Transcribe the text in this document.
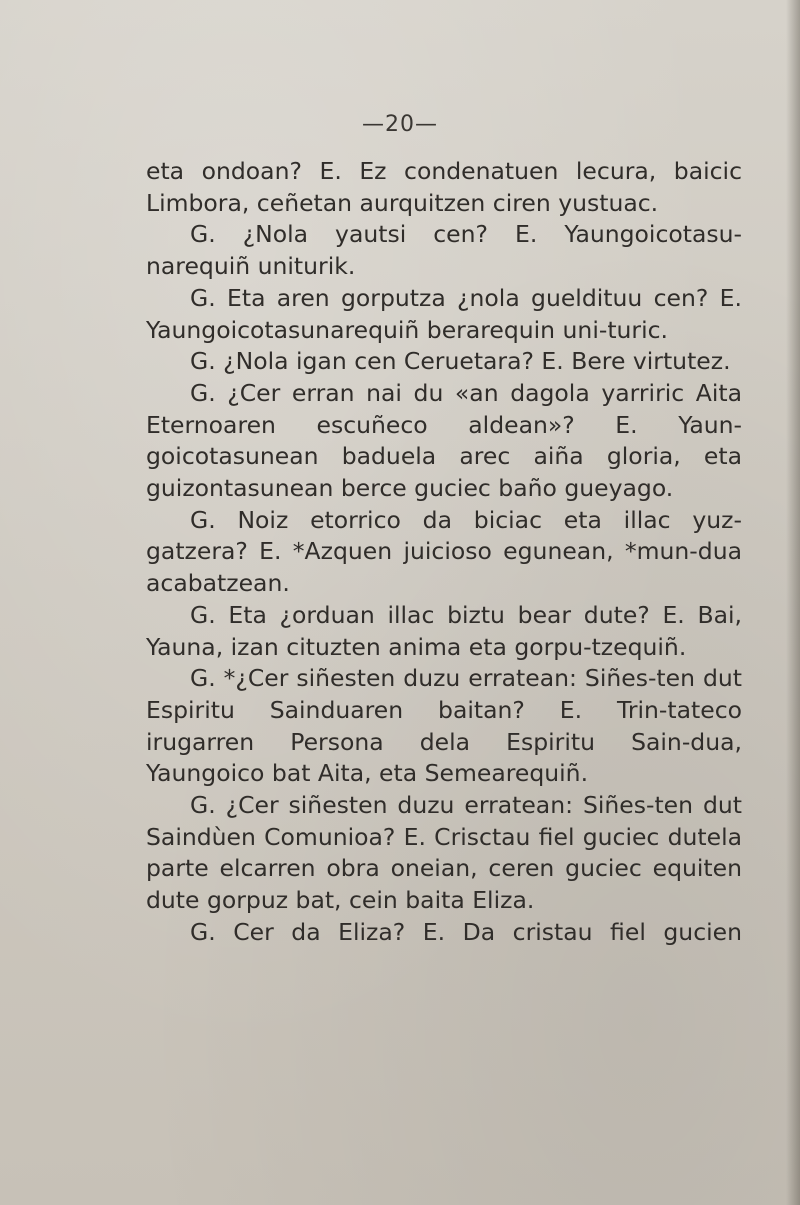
—20—

eta ondoan? E. Ez condenatuen lecura, baicic Limbora, ceñetan aurquitzen ciren yustuac.

G. ¿Nola yautsi cen? E. Yaungoicotasu-narequiñ uniturik.

G. Eta aren gorputza ¿nola gueldituu cen? E. Yaungoicotasunarequiñ berarequin uni-turic.

G. ¿Nola igan cen Ceruetara? E. Bere virtutez.

G. ¿Cer erran nai du «an dagola yarriric Aita Eternoaren escuñeco aldean»? E. Yaun-goicotasunean baduela arec aiña gloria, eta guizontasunean berce guciec baño gueyago.

G. Noiz etorrico da biciac eta illac yuz-gatzera? E. *Azquen juicioso egunean, *mun-dua acabatzean.

G. Eta ¿orduan illac biztu bear dute? E. Bai, Yauna, izan cituzten anima eta gorpu-tzequiñ.

G. *¿Cer siñesten duzu erratean: Siñes-ten dut Espiritu Sainduaren baitan? E. Trin-tateco irugarren Persona dela Espiritu Sain-dua, Yaungoico bat Aita, eta Semearequiñ.

G. ¿Cer siñesten duzu erratean: Siñes-ten dut Saindùen Comunioa? E. Crisctau fiel guciec dutela parte elcarren obra oneian, ceren guciec equiten dute gorpuz bat, cein baita Eliza.

G. Cer da Eliza? E. Da cristau fiel gucien
